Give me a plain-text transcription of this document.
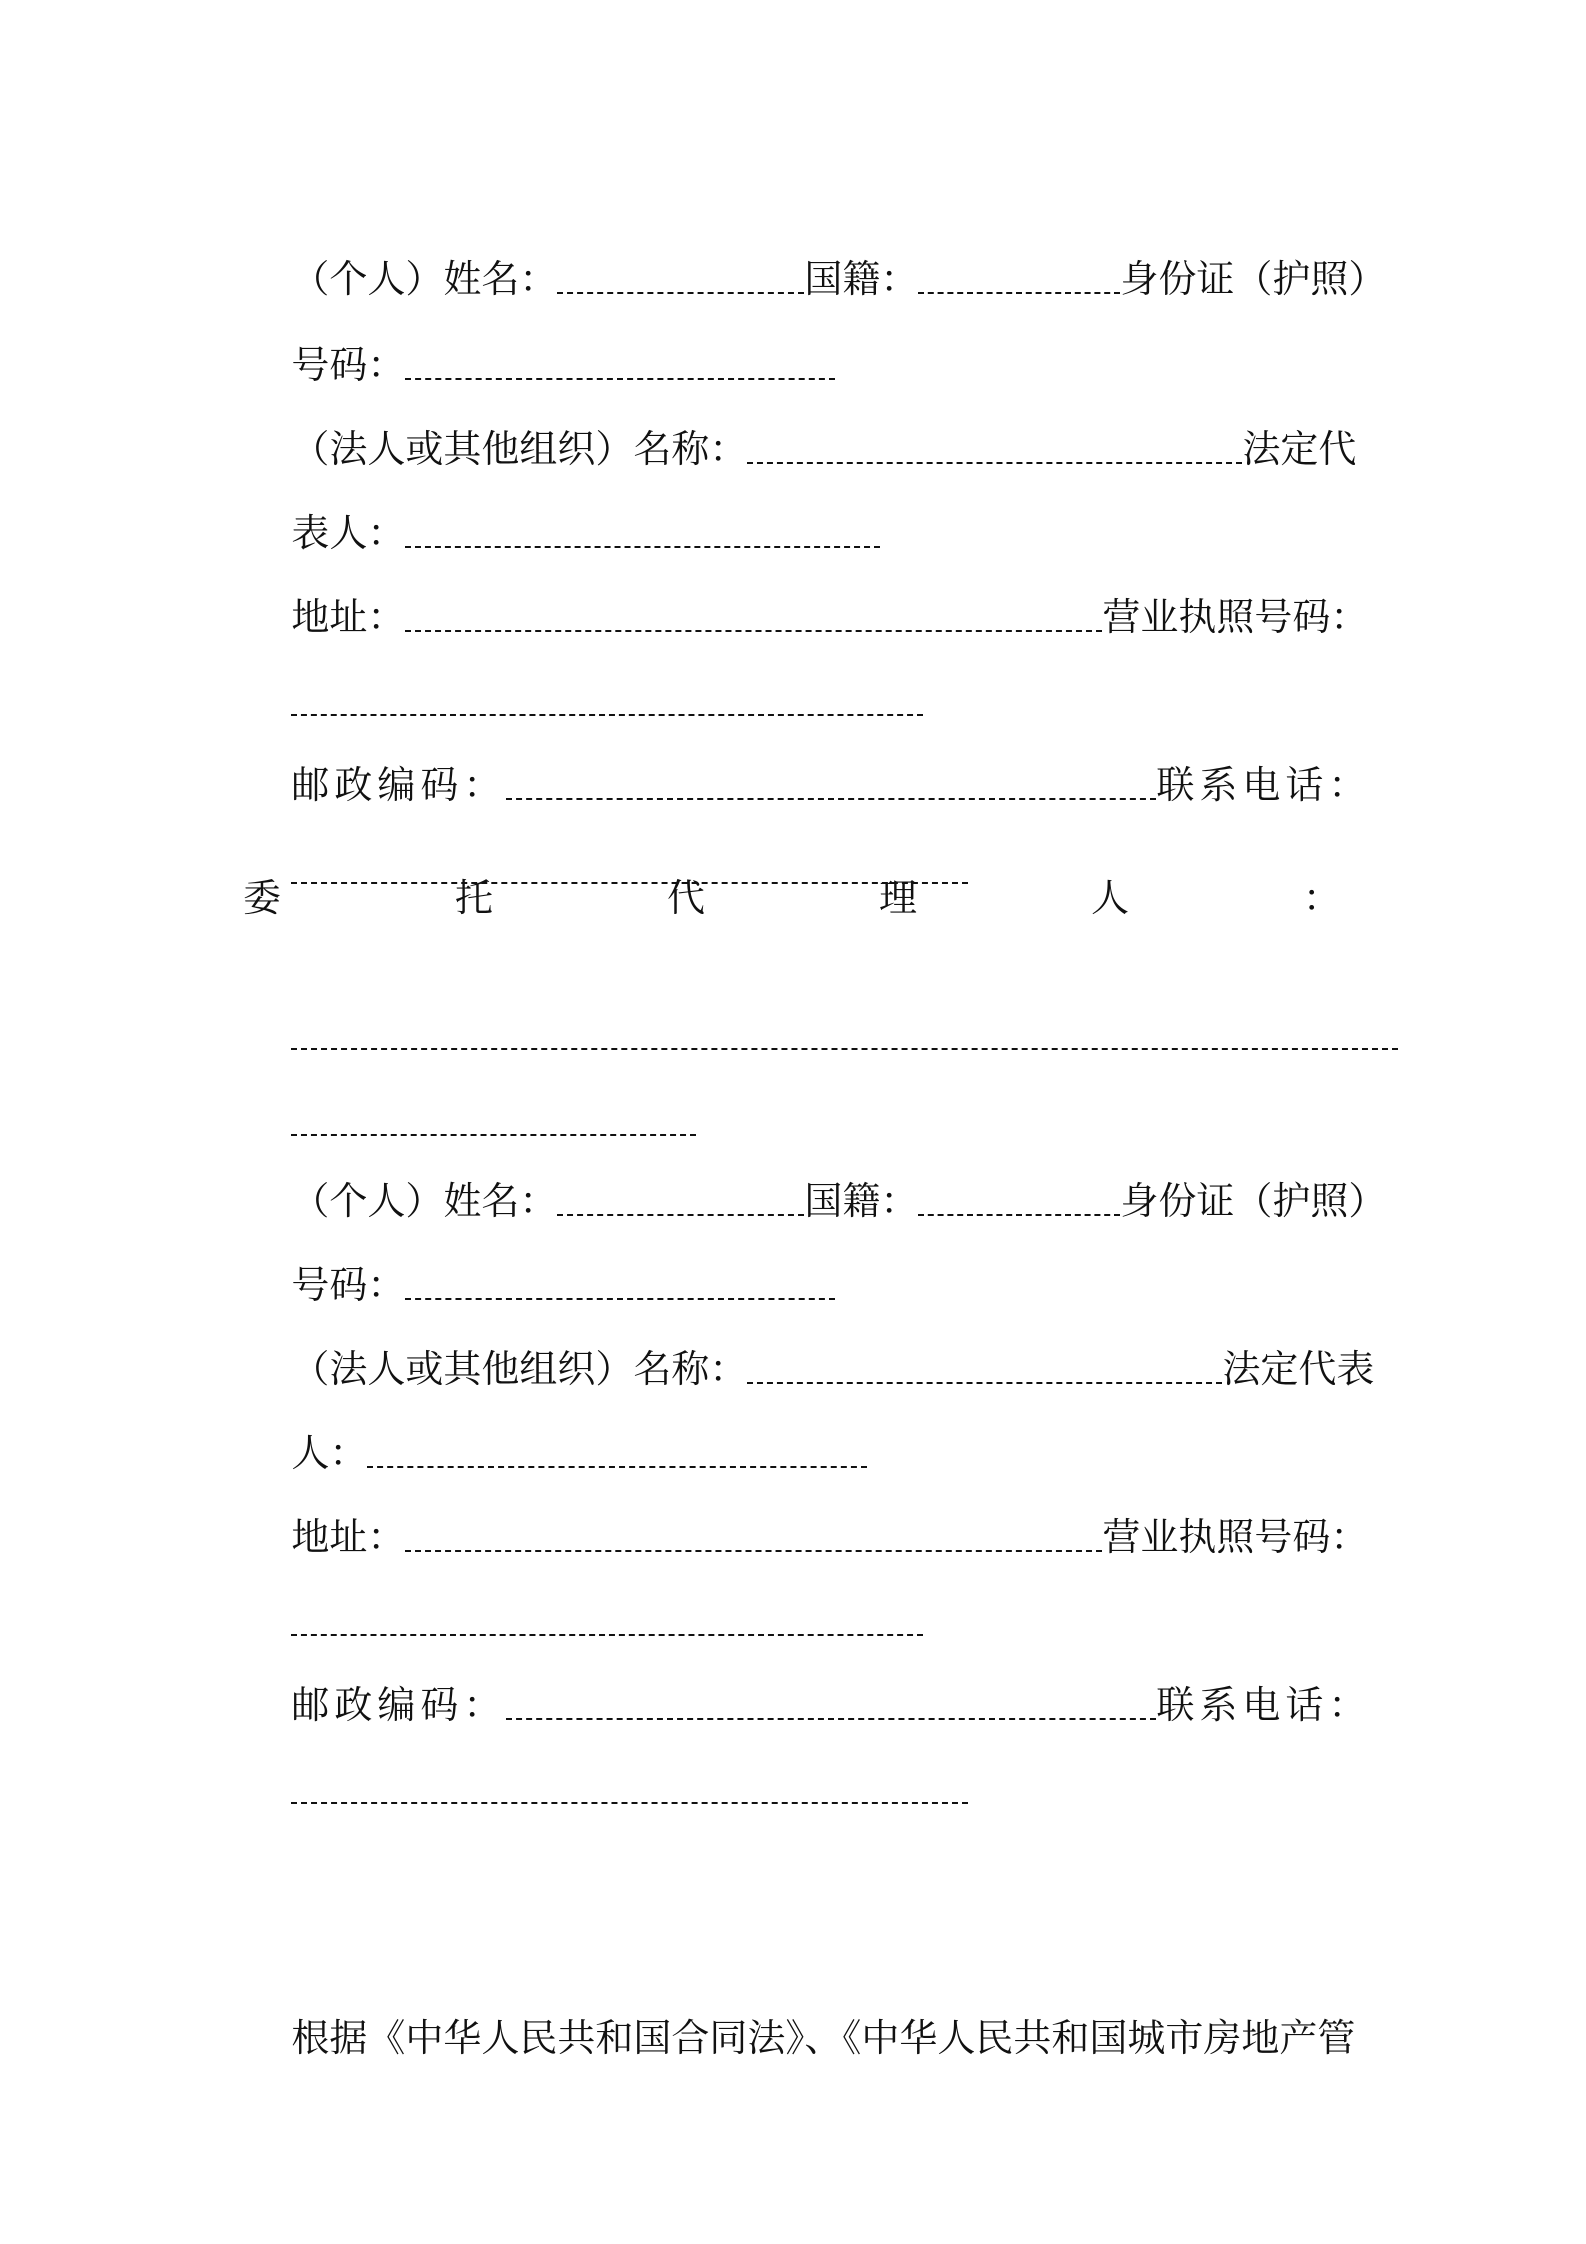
（个人）姓名：	国籍：	身份证（护照）

号码：

（法人或其他组织）名称：	法定代

表人：

地址：	营业执照号码：

邮政编码：	联系电话：

委	托	代	理	人	：

（个人）姓名：	国籍：	身份证（护照）

号码：

（法人或其他组织）名称：	法定代表

人：

地址：	营业执照号码：

邮政编码：	联系电话：

根据《中华人民共和国合同法》、《中华人民共和国城市房地产管
